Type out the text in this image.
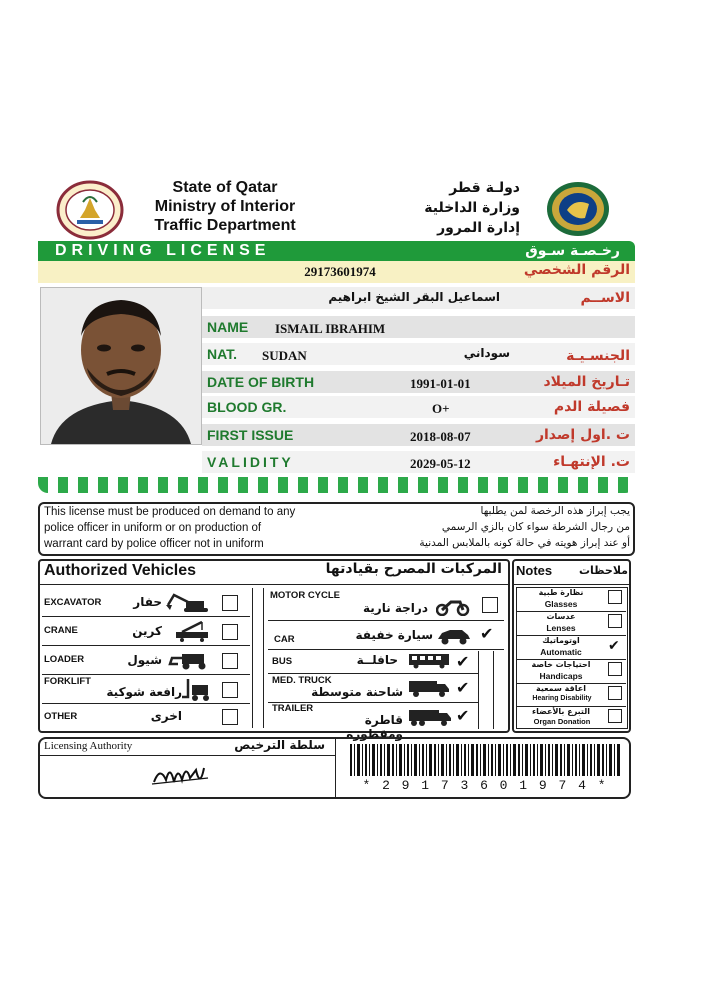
State of Qatar
Ministry of Interior
Traffic Department
دولـة قطر
وزارة الداخلية
إدارة المرور
DRIVING LICENSE	رخـصـة سـوق
29173601974	الرقم الشخصي
اسماعيل البقر الشيخ ابراهيم	الاســم
NAME ISMAIL IBRAHIM
NAT. SUDAN	سوداني	الجنسـيـة
DATE OF BIRTH	1991-01-01	تـاريخ الميلاد
BLOOD GR.	O+	فصيلة الدم
FIRST ISSUE	2018-08-07	ت .اول إصدار
VALIDITY	2029-05-12	ت. الإنتهـاء
This license must be produced on demand to any
police officer in uniform or on production of
warrant card by police officer not in uniform
يجب إبراز هذه الرخصة لمن يطلبها
من رجال الشرطة سواء كان بالزي الرسمي
أو عند إبراز هويته في حالة كونه بالملابس المدنية
Authorized Vehicles	المركبات المصرح بقيادتها
EXCAVATOR	حفار
CRANE	كرين
LOADER	شيول
FORKLIFT
رافعة شوكية
OTHER	اخرى
MOTOR CYCLE
دراجة نارية
CAR	سيارة خفيفة	✔
BUS	حافلــة	✔
MED. TRUCK
شاحنة متوسطة	✔
TRAILER
قاطرة ومقطورة
✔
Notes	ملاحظات
نظارة طبية
Glasses
عدسات
Lenses
اوتوماتيك
Automatic	✔
احتياجات خاصة
Handicaps
اعاقة سمعية
Hearing Disability
التبرع بالأعضاء
Organ Donation
Licensing Authority	سلطة الترخيص
* 2 9 1 7 3 6 0 1 9 7 4 *
